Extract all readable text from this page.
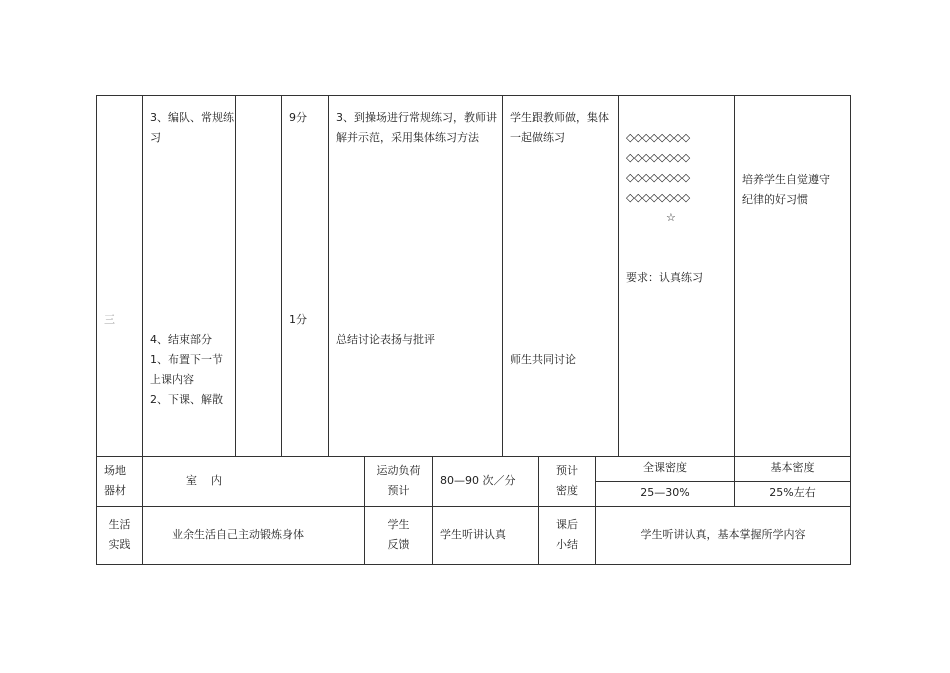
三
3、编队、常规练
习
4、结束部分
1、布置下一节
上课内容
2、下课、解散
9分
1分
3、到操场进行常规练习，教师讲
解并示范，采用集体练习方法
总结讨论表扬与批评
学生跟教师做，集体
一起做练习
师生共同讨论
◇◇◇◇◇◇◇◇
◇◇◇◇◇◇◇◇
◇◇◇◇◇◇◇◇
◇◇◇◇◇◇◇◇
☆
要求：认真练习
培养学生自觉遵守
纪律的好习惯
场地
器材
室    内
运动负荷
预计
80—90 次／分
预计
密度
全课密度	基本密度
25—30%	25%左右
生活
实践
业余生活自己主动锻炼身体
学生
反馈
学生听讲认真
课后
小结
学生听讲认真，基本掌握所学内容
